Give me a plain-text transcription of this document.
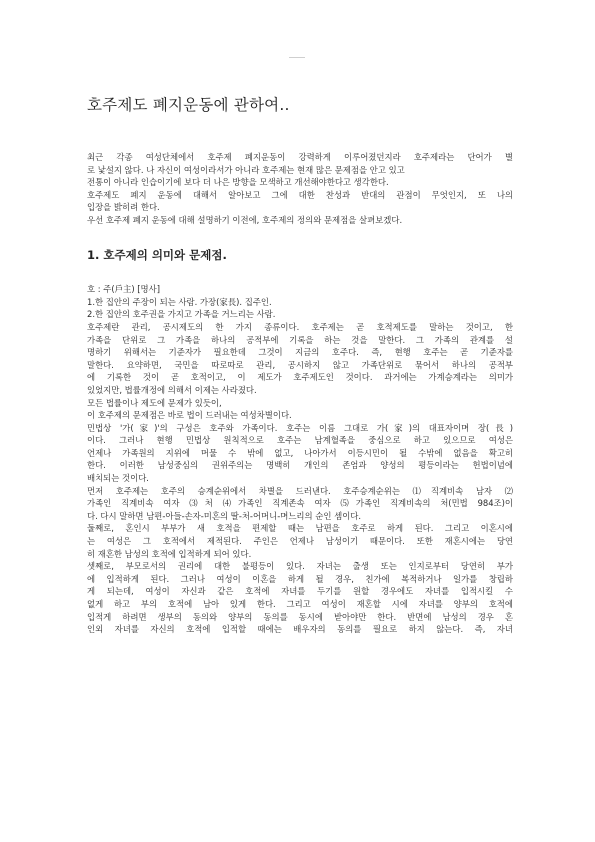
호주제도 폐지운동에 관하여..
최근 각종 여성단체에서 호주제 폐지운동이 강력하게 이루어졌던지라 호주제라는 단어가 별
로 낯설지 않다. 나 자신이 여성이라서가 아니라 호주제는 현재 많은 문제점을 안고 있고
전통이 아니라 인습이기에 보다 더 나은 방향을 모색하고 개선해야한다고 생각한다.
호주제도 폐지 운동에 대해서 알아보고 그에 대한 찬성과 반대의 관점이 무엇인지, 또 나의
입장을 밝히려 한다.
우선 호주제 폐지 운동에 대해 설명하기 이전에, 호주제의 정의와 문제점을 살펴보겠다.
1. 호주제의 의미와 문제점.
호 : 주(戶主) [명사]
1.한 집안의 주장이 되는 사람. 가장(家長). 집주인.
2.한 집안의 호주권을 가지고 가족을 거느리는 사람.
호주제란 관리, 공시제도의 한 가지 종류이다. 호주제는 곧 호적제도를 말하는 것이고, 한
가족을 단위로 그 가족을 하나의 공적부에 기록을 하는 것을 말한다. 그 가족의 관계를 설
명하기 위해서는 기준자가 필요한데 그것이 지금의 호주다. 즉, 현행 호주는 곧 기준자를
말한다. 요약하면, 국민을 따로따로 관리, 공시하지 않고 가족단위로 묶어서 하나의 공적부
에 기록한 것이 곧 호적이고, 이 제도가 호주제도인 것이다. 과거에는 가계승계라는 의미가
있었지만, 법률개정에 의해서 이제는 사라졌다.
모든 법률이나 제도에 문제가 있듯이,
이 호주제의 문제점은 바로 법이 드러내는 여성차별이다.
민법상 '가(家)'의 구성은 호주와 가족이다. 호주는 이름 그대로 가(家)의 대표자이며 장(長)
이다. 그러나 현행 민법상 원칙적으로 호주는 남계혈족을 중심으로 하고 있으므로 여성은
언제나 가족원의 지위에 머물 수 밖에 없고, 나아가서 이등시민이 될 수밖에 없음을 확고히
한다. 이러한 남성중심의 권위주의는 명백히 개인의 존엄과 양성의 평등이라는 헌법이념에
배치되는 것이다.
먼저 호주제는 호주의 승계순위에서 차별을 드러낸다. 호주승계순위는 ⑴직계비속 남자 ⑵
가족인 직계비속 여자 ⑶처 ⑷가족인 직계존속 여자 ⑸가족인 직계비속의 처(민법 984조)이
다. 다시 말하면 남편-아들-손자-미혼의 딸-처-어머니-며느리의 순인 셈이다.
둘째로, 혼인시 부부가 새 호적을 편제할 때는 남편을 호주로 하게 된다. 그리고 이혼시에
는 여성은 그 호적에서 제적된다. 주인은 언제나 남성이기 때문이다. 또한 재혼시에는 당연
히 재혼한 남성의 호적에 입적하게 되어 있다.
셋째로, 부모로서의 권리에 대한 불평등이 있다. 자녀는 출생 또는 인지로부터 당연히 부가
에 입적하게 된다. 그러나 여성이 이혼을 하게 될 경우, 친가에 복적하거나 일가를 창립하
게 되는데, 여성이 자신과 같은 호적에 자녀를 두기를 원할 경우에도 자녀를 입적시킬 수
없게 하고 부의 호적에 남아 있게 한다. 그리고 여성이 재혼할 시에 자녀를 양부의 호적에
입적게 하려면 생부의 동의와 양부의 동의를 동시에 받아야만 한다. 반면에 남성의 경우 혼
인외 자녀를 자신의 호적에 입적할 때에는 배우자의 동의를 필요로 하지 않는다. 즉, 자녀
